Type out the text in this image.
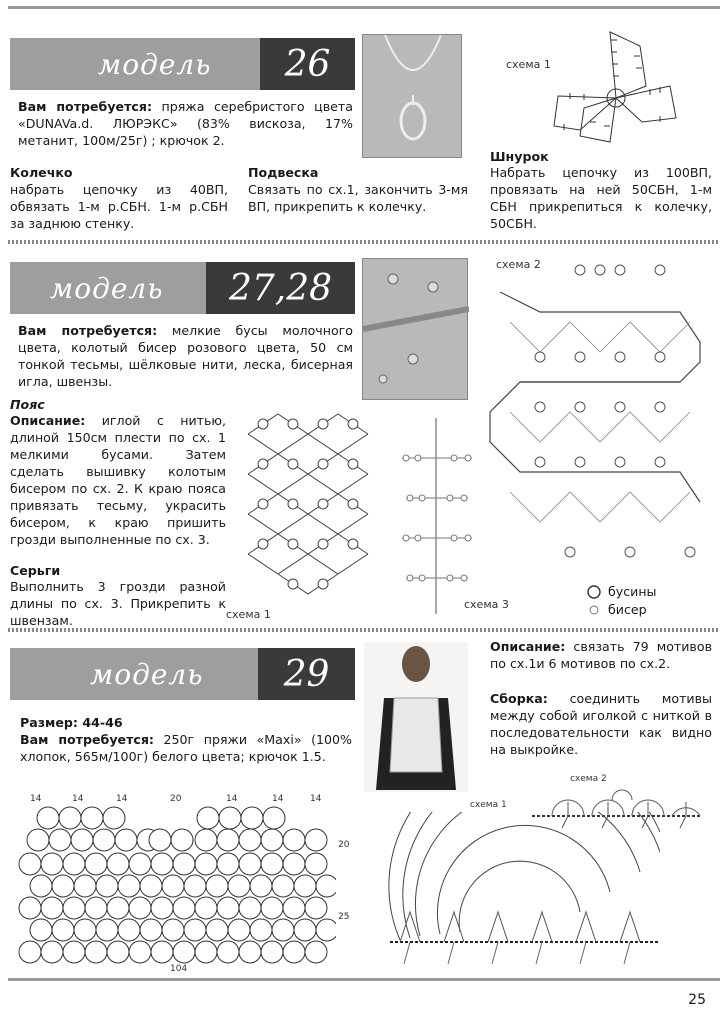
модель	26
Вам потребуется: пряжа серебристого цвета «DUNAVa.d. ЛЮРЭКС» (83% вискоза, 17% метанит, 100м/25г) ; крючок 2.
Колечко
набрать цепочку из 40ВП, обвязать 1-м р.СБН. 1-м р.СБН за заднюю стенку.
Подвеска
Связать по сх.1, закончить 3-мя ВП, прикрепить к колечку.
схема 1
Шнурок
Набрать цепочку из 100ВП, провязать на ней 50СБН, 1-м СБН прикрепиться к колечку, 50СБН.
модель	27,28
Вам потребуется: мелкие бусы молочного цвета, колотый бисер розового цвета, 50 см тонкой тесьмы, шёлковые нити, леска, бисерная игла, швензы.
Пояс
Описание: иглой с нитью, длиной 150см плести по сх. 1 мелкими бусами. Затем сделать вышивку колотым бисером по сх. 2. К краю пояса привязать тесьму, украсить бисером, к краю пришить грозди выполненные по сх. 3.
Серьги
Выполнить 3 грозди разной длины по сх. 3. Прикрепить к швензам.	схема 1
схема 3
схема 2
бусины
бисер
модель	29
Размер: 44-46
Вам потребуется: 250г пряжи «Maxi» (100% хлопок, 565м/100г) белого цвета; крючок 1.5.
Описание: связать 79 мотивов по сх.1и 6 мотивов по сх.2.
Сборка: соединить мотивы между собой иголкой с ниткой в последовательности как видно на выкройке.
14	14	14	20	14	14	14
20
25
104
схема 2
схема 1
25
